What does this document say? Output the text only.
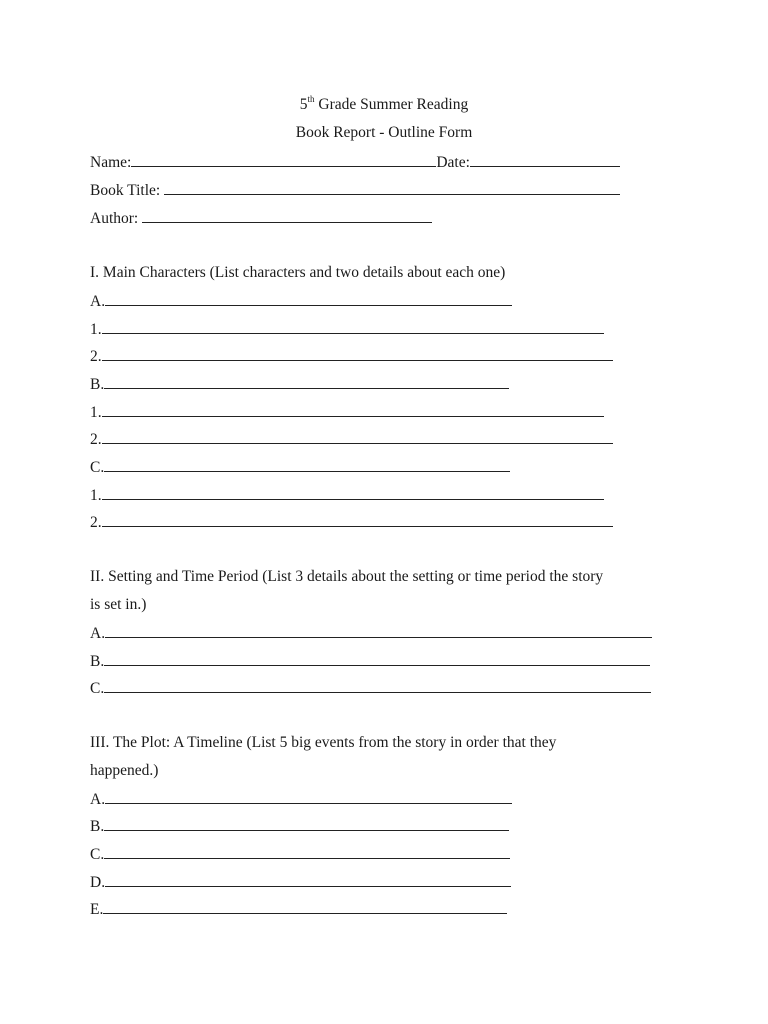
5th Grade Summer Reading
Book Report - Outline Form
Name:	Date:
Book Title:
Author:
I. Main Characters (List characters and two details about each one)
A.
1.
2.
B.
1.
2.
C.
1.
2.
II. Setting and Time Period (List 3 details about the setting or time period the story
is set in.)
A.
B.
C.
III. The Plot: A Timeline (List 5 big events from the story in order that they
happened.)
A.
B.
C.
D.
E.
